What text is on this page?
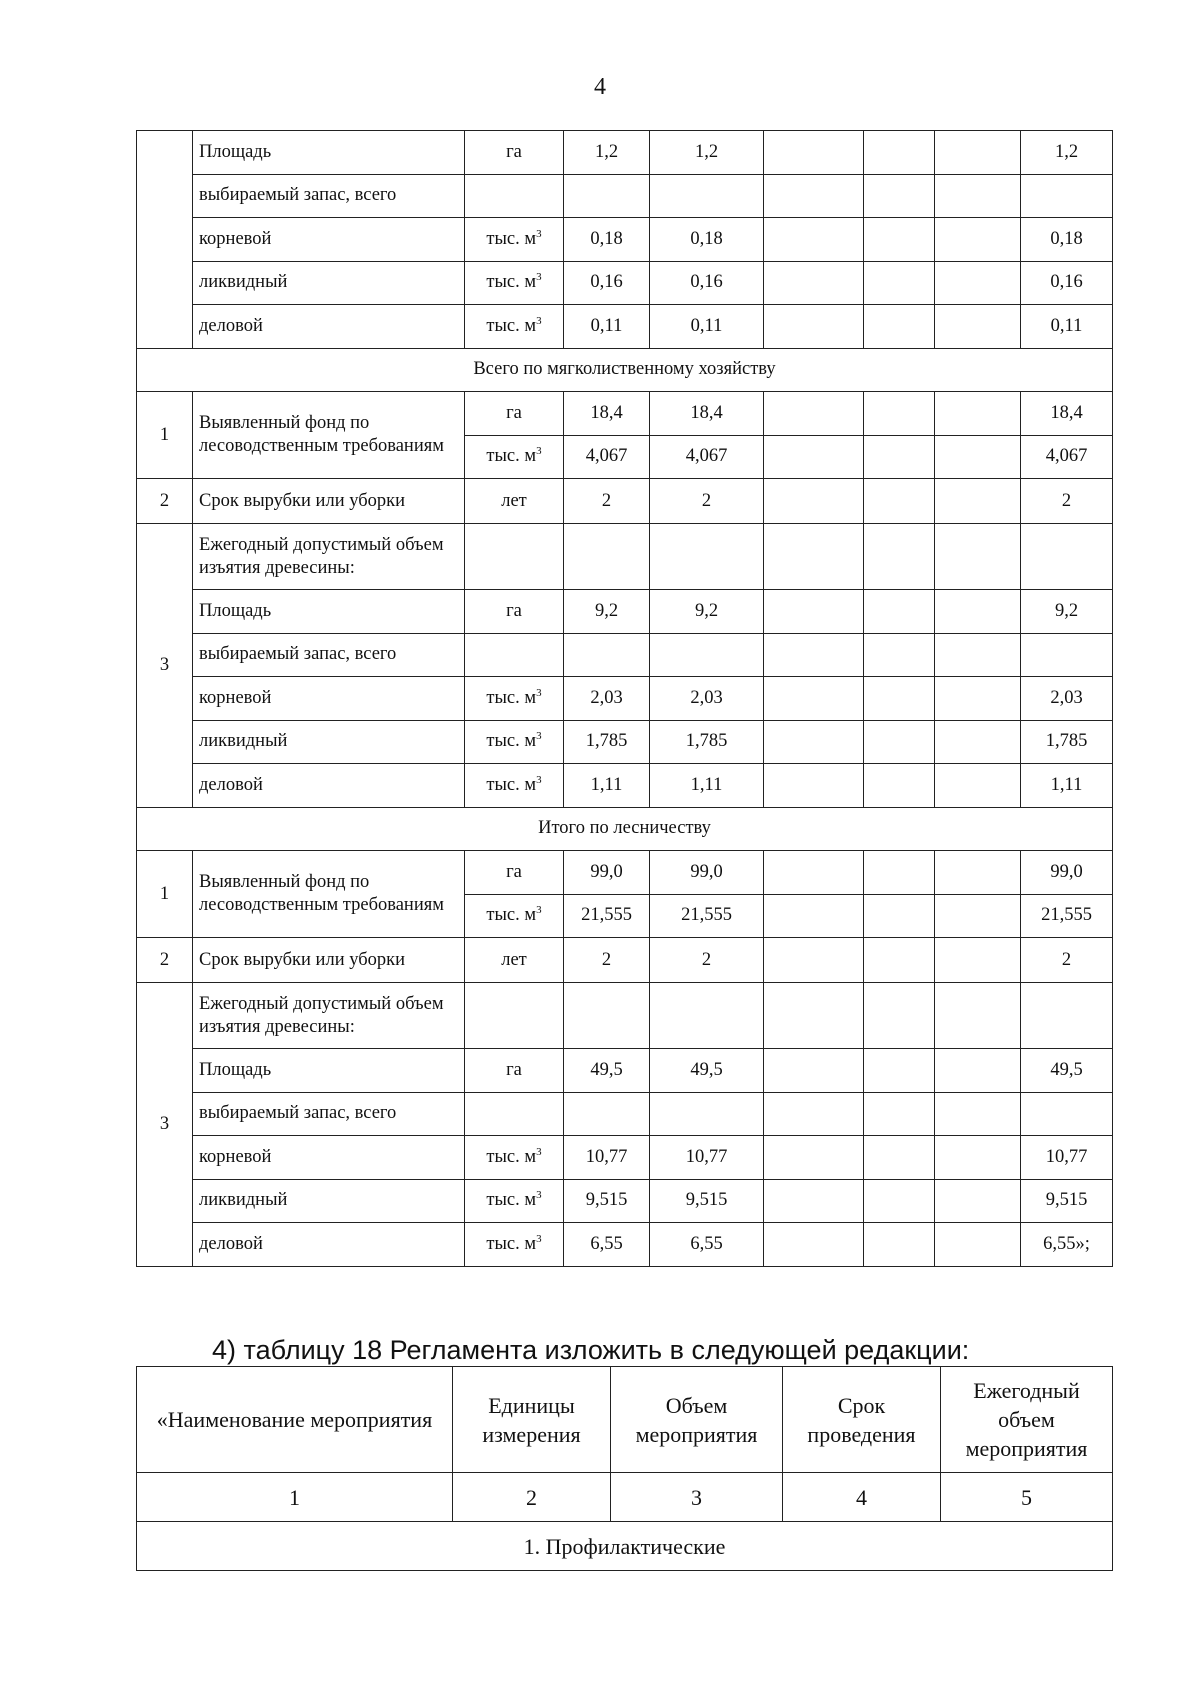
4
	Площадь	га	1,2	1,2				1,2
	выбираемый запас, всего							
	корневой	тыс. $м^3$	0,18	0,18				0,18
	ликвидный	тыс. $м^3$	0,16	0,16				0,16
	деловой	тыс. $м^3$	0,11	0,11				0,11
Всего по мягколиственному хозяйству								
1	Выявленный фонд по лесоводственным требованиям	га	18,4	18,4				18,4
		тыс. $м^3$	4,067	4,067				4,067
2	Срок вырубки или уборки	лет	2	2				2
3	Ежегодный допустимый объем изъятия древесины:							
	Площадь	га	9,2	9,2				9,2
	выбираемый запас, всего							
	корневой	тыс. $м^3$	2,03	2,03				2,03
	ликвидный	тыс. $м^3$	1,785	1,785				1,785
	деловой	тыс. $м^3$	1,11	1,11				1,11
Итого по лесничеству								
1	Выявленный фонд по лесоводственным требованиям	га	99,0	99,0				99,0
		тыс. $м^3$	21,555	21,555				21,555
2	Срок вырубки или уборки	лет	2	2				2
3	Ежегодный допустимый объем изъятия древесины:							
	Площадь	га	49,5	49,5				49,5
	выбираемый запас, всего							
	корневой	тыс. $м^3$	10,77	10,77				10,77
	ликвидный	тыс. $м^3$	9,515	9,515				9,515
	деловой	тыс. $м^3$	6,55	6,55				6,55»;
4) таблицу 18 Регламента изложить в следующей редакции:
«Наименование мероприятия	Единицы измерения	Объем мероприятия	Срок проведения	Ежегодный объем мероприятия
1	2	3	4	5
1. Профилактические				
